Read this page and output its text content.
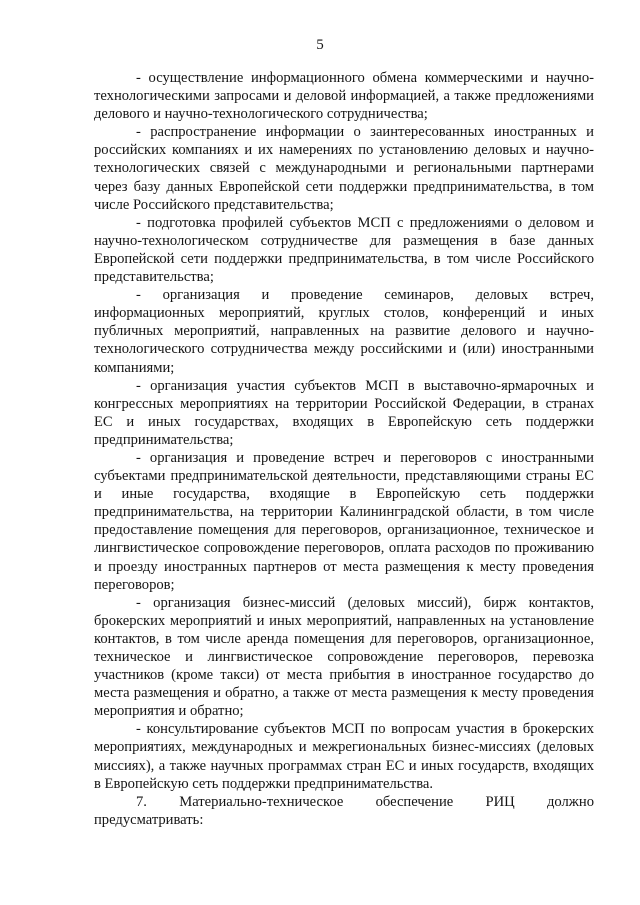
5

- осуществление информационного обмена коммерческими и научно-технологическими запросами и деловой информацией, а также предложениями делового и научно-технологического сотрудничества;

- распространение информации о заинтересованных иностранных и российских компаниях и их намерениях по установлению деловых и научно-технологических связей с международными и региональными партнерами через базу данных Европейской сети поддержки предпринимательства, в том числе Российского представительства;

- подготовка профилей субъектов МСП с предложениями о деловом и научно-технологическом сотрудничестве для размещения в базе данных Европейской сети поддержки предпринимательства, в том числе Российского представительства;

- организация и проведение семинаров, деловых встреч, информационных мероприятий, круглых столов, конференций и иных публичных мероприятий, направленных на развитие делового и научно-технологического сотрудничества между российскими и (или) иностранными компаниями;

- организация участия субъектов МСП в выставочно-ярмарочных и конгрессных мероприятиях на территории Российской Федерации, в странах ЕС и иных государствах, входящих в Европейскую сеть поддержки предпринимательства;

- организация и проведение встреч и переговоров с иностранными субъектами предпринимательской деятельности, представляющими страны ЕС и иные государства, входящие в Европейскую сеть поддержки предпринимательства, на территории Калининградской области, в том числе предоставление помещения для переговоров, организационное, техническое и лингвистическое сопровождение переговоров, оплата расходов по проживанию и проезду иностранных партнеров от места размещения к месту проведения переговоров;

- организация бизнес-миссий (деловых миссий), бирж контактов, брокерских мероприятий и иных мероприятий, направленных на установление контактов, в том числе аренда помещения для переговоров, организационное, техническое и лингвистическое сопровождение переговоров, перевозка участников (кроме такси) от места прибытия в иностранное государство до места размещения и обратно, а также от места размещения к месту проведения мероприятия и обратно;

- консультирование субъектов МСП по вопросам участия в брокерских мероприятиях, международных и межрегиональных бизнес-миссиях (деловых миссиях), а также научных программах стран ЕС и иных государств, входящих в Европейскую сеть поддержки предпринимательства.

7. Материально-техническое обеспечение РИЦ должно предусматривать:
